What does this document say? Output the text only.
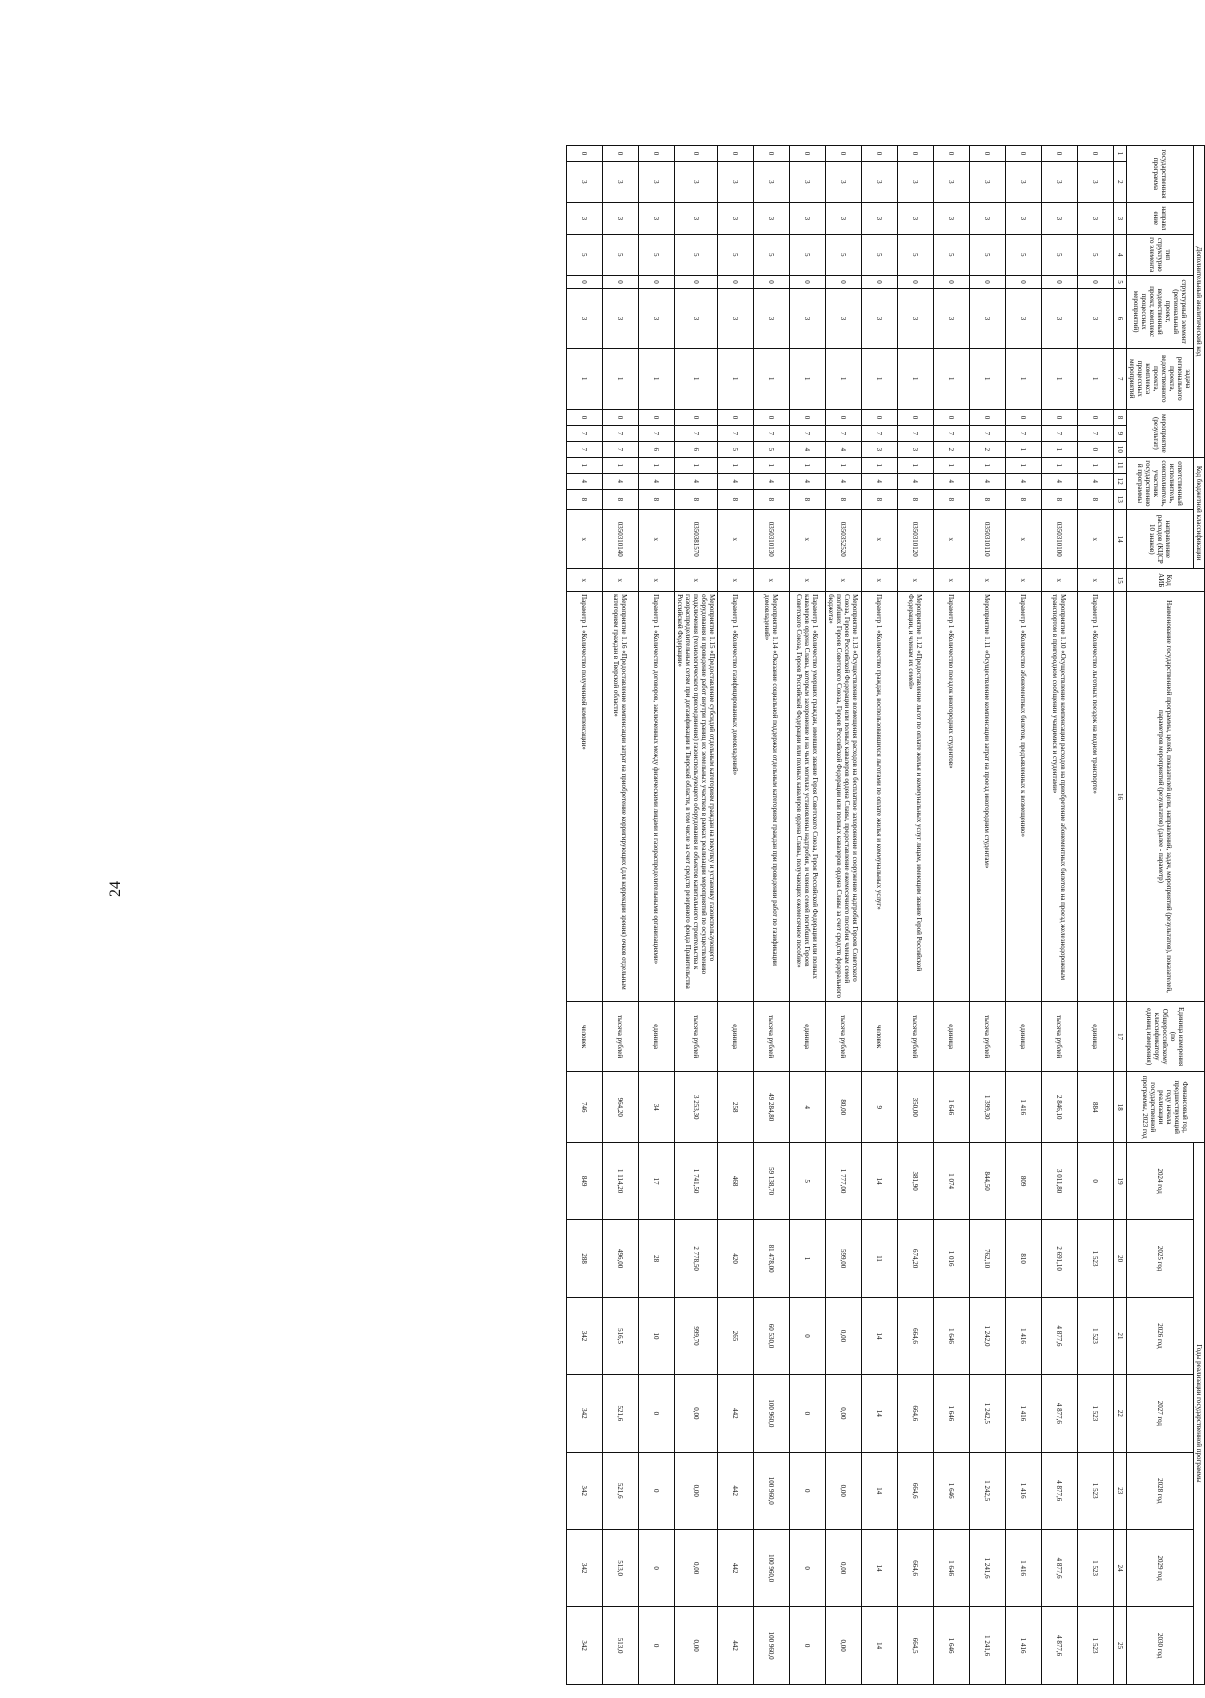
24
Дополнительный аналитический код										Код бюджетной классификации				Код АИБ	Наименование государственной программы, целей, показателей цели, направлений, задач, мероприятий (результатов), показателей, параметров мероприятий (результатов) (далее - параметр)	Единица измерения (по Общероссийскому классификатору единиц измерения)	Финансовый год, предшествующий году начала реализации государственной программы, 2023 год	Годы реализации государственной программы						
государственная программа		направление	тип структурного элемента	структурный элемент (региональный проект, ведомственный проект, комплекс процессных мероприятий)		задача регионального проекта, ведомственного проекта, комплекса процессных мероприятий	мероприятие (результат)			ответственный исполнитель, соисполнитель, участник государственной программы			направление расходов (КЦСР 10 знаков)					2024 год	2025 год	2026 год	2027 год	2028 год	2029 год	2030 год
1	2	3	4	5	6	7	8	9	10	11	12	13	14	15	16	17	18	19	20	21	22	23	24	25
0	3	3	5	0	3	1	0	7	0	1	4	8	x	x	Параметр 1 «Количество льготных поездок на водном транспорте»	единица	884	0	1 523	1 523	1 523	1 523	1 523	1 523
0	3	3	5	0	3	1	0	7	1	1	4	8	0350310100	x	Мероприятие 1.10 «Осуществление компенсации расходов на приобретение абонементных билетов на проезд железнодорожным транспортом в пригородном сообщении учащимися и студентами»	тысяча рублей	2 846,10	3 011,80	2 691,10	4 877,6	4 877,6	4 877,6	4 877,6	4 877,6
0	3	3	5	0	3	1	0	7	1	1	4	8	x	x	Параметр 1 «Количество абонементных билетов, предъявленных к возмещению»	единица	1 416	809	810	1 416	1 416	1 416	1 416	1 416
0	3	3	5	0	3	1	0	7	2	1	4	8	0350310110	x	Мероприятие 1.11 «Осуществление компенсации затрат на проезд иногородним студентам»	тысяча рублей	1 399,30	844,50	762,10	1 242,0	1 242,5	1 242,5	1 241,6	1 241,6
0	3	3	5	0	3	1	0	7	2	1	4	8	x	x	Параметр 1 «Количество поездок иногородних студентов»	единица	1 646	1 074	1 016	1 646	1 646	1 646	1 646	1 646
0	3	3	5	0	3	1	0	7	3	1	4	8	0350310120	x	Мероприятие 1.12 «Предоставление льгот по оплате жилья и коммунальных услуг лицам, имеющим звание Герой Российской Федерации, и членам их семей»	тысяча рублей	350,00	381,90	674,20	664,6	664,6	664,6	664,6	664,5
0	3	3	5	0	3	1	0	7	3	1	4	8	x	x	Параметр 1 «Количество граждан, воспользовавшихся льготами по оплате жилья и коммунальных услуг»	человек	9	14	11	14	14	14	14	14
0	3	3	5	0	3	1	0	7	4	1	4	8	0350352520	x	Мероприятие 1.13 «Осуществление возмещения расходов на бесплатное захоронение и сооружение надгробия Героев Советского Союза, Героев Российской Федерации или полных кавалеров ордена Славы, предоставление ежемесячного пособия членам семей погибших Героев Советского Союза, Героев Российской Федерации или полных кавалеров ордена Славы за счет средств федерального бюджета»	тысяча рублей	80,00	1 777,00	599,00	0,00	0,00	0,00	0,00	0,00
0	3	3	5	0	3	1	0	7	4	1	4	8	x	x	Параметр 1 «Количество умерших граждан, имевших звание Героя Советского Союза, Героя Российской Федерации или полных кавалеров ордена Славы, которым захоронение и на чьих могилах установлены надгробия, и членов семей погибших Героев Советского Союза, Героев Российской Федерации или полных кавалеров ордена Славы, получающих ежемесячное пособие»	единица	4	5	1	0	0	0	0	0
0	3	3	5	0	3	1	0	7	5	1	4	8	0350310130	x	Мероприятие 1.14 «Оказание социальной поддержки отдельным категориям граждан при проведении работ по газификации домовладений»	тысяча рублей	49 284,80	59 138,70	81 478,00	60 530,0	100 960,0	100 960,0	100 960,0	100 960,0
0	3	3	5	0	3	1	0	7	5	1	4	8	x	x	Параметр 1 «Количество газифицированных домовладений»	единица	258	468	420	265	442	442	442	442
0	3	3	5	0	3	1	0	7	6	1	4	8	0350381570	x	Мероприятие 1.15 «Предоставление субсидий отдельным категориям граждан на покупку и установку газоиспользующего оборудования и проведение работ внутри границ их земельных участков в рамках реализации мероприятий по осуществлению подключения (технологического присоединения) газоиспользующего оборудования и объектов капитального строительства к газораспределительным сетям при догазификации в Тверской области, в том числе за счет средств резервного фонда Правительства Российской Федерации»	тысяча рублей	3 253,30	1 741,50	2 778,50	999,70	0,00	0,00	0,00	0,00
0	3	3	5	0	3	1	0	7	6	1	4	8	x	x	Параметр 1 «Количество договоров, заключенных между физическими лицами и газораспределительными организациями»	единица	34	17	28	10	0	0	0	0
0	3	3	5	0	3	1	0	7	7	1	4	8	0350310140	x	Мероприятие 1.16 «Предоставление компенсации затрат на приобретение корригирующих (для коррекции зрения) очков отдельным категориям граждан в Тверской области»	тысяча рублей	964,20	1 114,20	496,00	516,5	521,6	521,6	513,0	513,0
0	3	3	5	0	3	1	0	7	7	1	4	8	x	x	Параметр 1 «Количество полученной компенсации»	человек	746	849	288	342	342	342	342	342
